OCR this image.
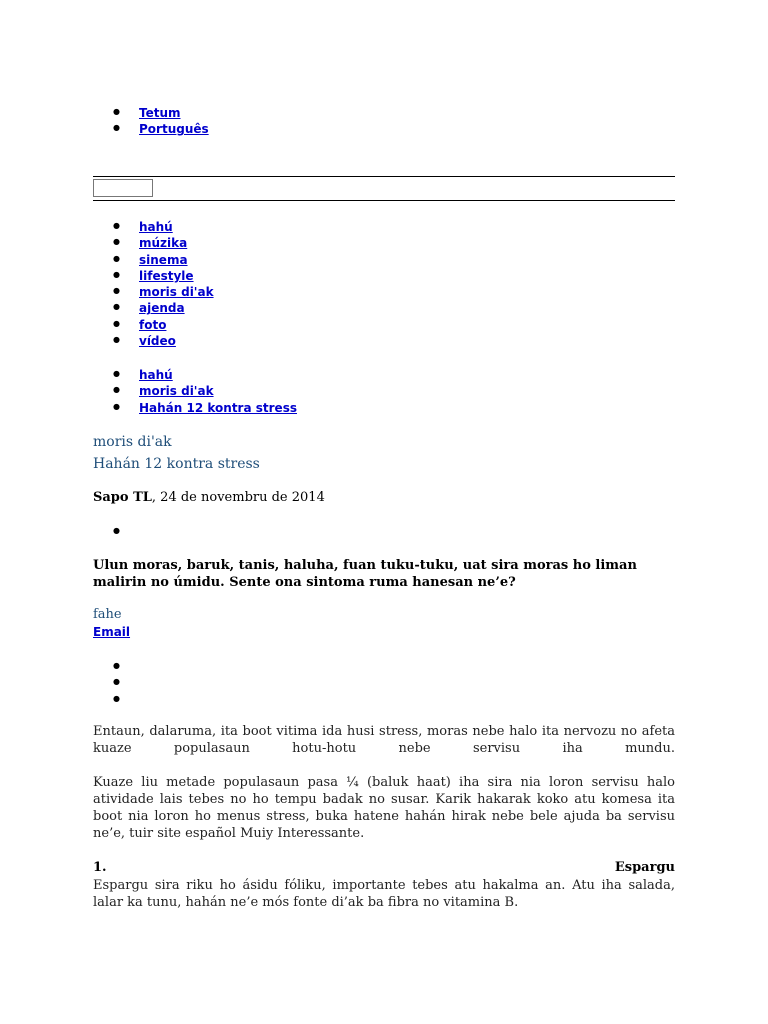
● Tetum
● Português
● hahú
● múzika
● sinema
● lifestyle
● moris di'ak
● ajenda
● foto
● vídeo
● hahú
● moris di'ak
● Hahán 12 kontra stress
moris di'ak
Hahán 12 kontra stress
Sapo TL, 24 de novembru de 2014
●
Ulun moras, baruk, tanis, haluha, fuan tuku-tuku, uat sira moras ho liman malirin no úmidu. Sente ona sintoma ruma hanesan ne’e?
fahe
Email
●
●
●

Entaun, dalaruma, ita boot vitima ida husi stress, moras nebe halo ita nervozu no afeta kuaze populasaun hotu-hotu nebe servisu iha mundu.

Kuaze liu metade populasaun pasa ¼ (baluk haat) iha sira nia loron servisu halo atividade lais tebes no ho tempu badak no susar. Karik hakarak koko atu komesa ita boot nia loron ho menus stress, buka hatene hahán hirak nebe bele ajuda ba servisu ne’e, tuir site español Muiy Interessante.

1.	Espargu

Espargu sira riku ho ásidu fóliku, importante tebes atu hakalma an. Atu iha salada, lalar ka tunu, hahán ne’e mós fonte di’ak ba fibra no vitamina B.
